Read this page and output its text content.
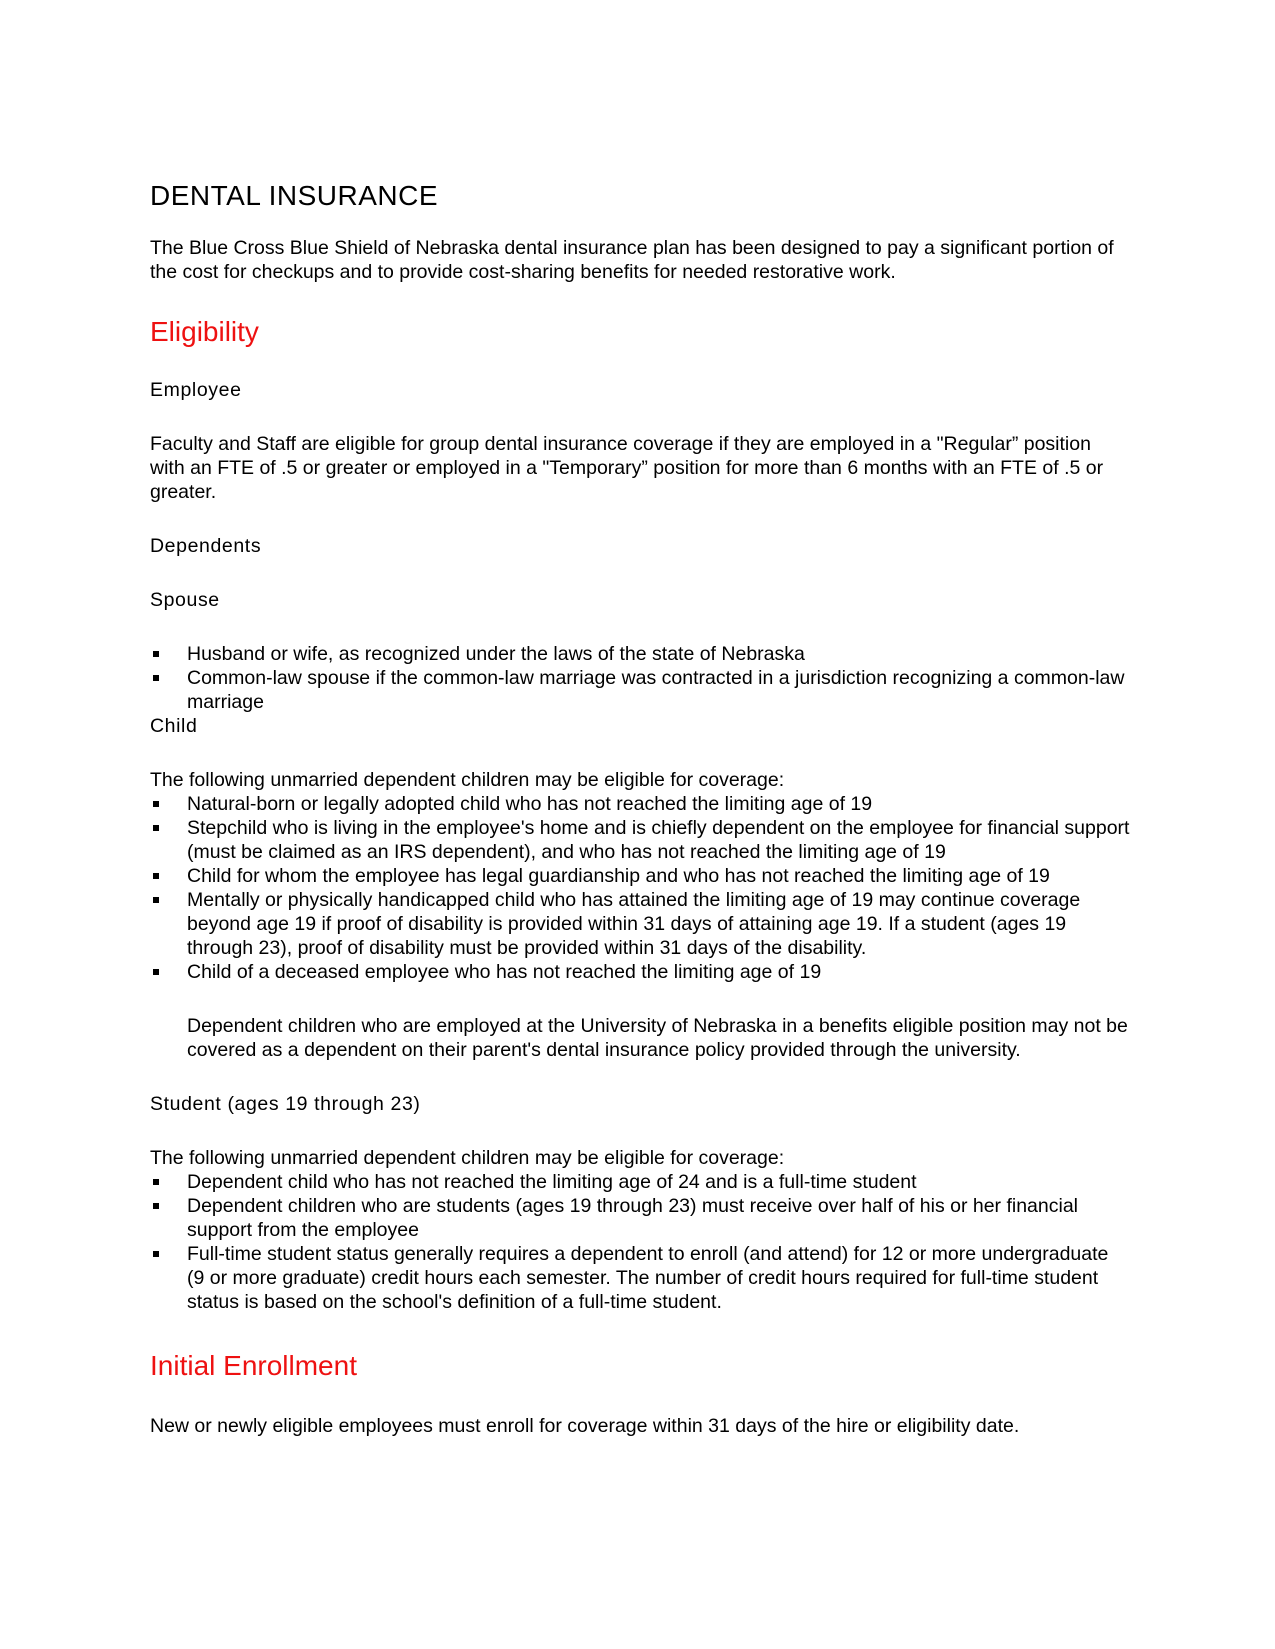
DENTAL INSURANCE

The Blue Cross Blue Shield of Nebraska dental insurance plan has been designed to pay a significant portion of the cost for checkups and to provide cost-sharing benefits for needed restorative work.

Eligibility
Employee

Faculty and Staff are eligible for group dental insurance coverage if they are employed in a "Regular” position with an FTE of .5 or greater or employed in a "Temporary” position for more than 6 months with an FTE of .5 or greater.

Dependents
Spouse
Husband or wife, as recognized under the laws of the state of Nebraska
Common-law spouse if the common-law marriage was contracted in a jurisdiction recognizing a common-law marriage
Child

The following unmarried dependent children may be eligible for coverage:

Natural-born or legally adopted child who has not reached the limiting age of 19
Stepchild who is living in the employee's home and is chiefly dependent on the employee for financial support (must be claimed as an IRS dependent), and who has not reached the limiting age of 19
Child for whom the employee has legal guardianship and who has not reached the limiting age of 19
Mentally or physically handicapped child who has attained the limiting age of 19 may continue coverage beyond age 19 if proof of disability is provided within 31 days of attaining age 19. If a student (ages 19 through 23), proof of disability must be provided within 31 days of the disability.
Child of a deceased employee who has not reached the limiting age of 19

Dependent children who are employed at the University of Nebraska in a benefits eligible position may not be covered as a dependent on their parent's dental insurance policy provided through the university.

Student (ages 19 through 23)

The following unmarried dependent children may be eligible for coverage:

Dependent child who has not reached the limiting age of 24 and is a full-time student
Dependent children who are students (ages 19 through 23) must receive over half of his or her financial support from the employee
Full-time student status generally requires a dependent to enroll (and attend) for 12 or more undergraduate (9 or more graduate) credit hours each semester. The number of credit hours required for full-time student status is based on the school's definition of a full-time student.
Initial Enrollment

New or newly eligible employees must enroll for coverage within 31 days of the hire or eligibility date.
